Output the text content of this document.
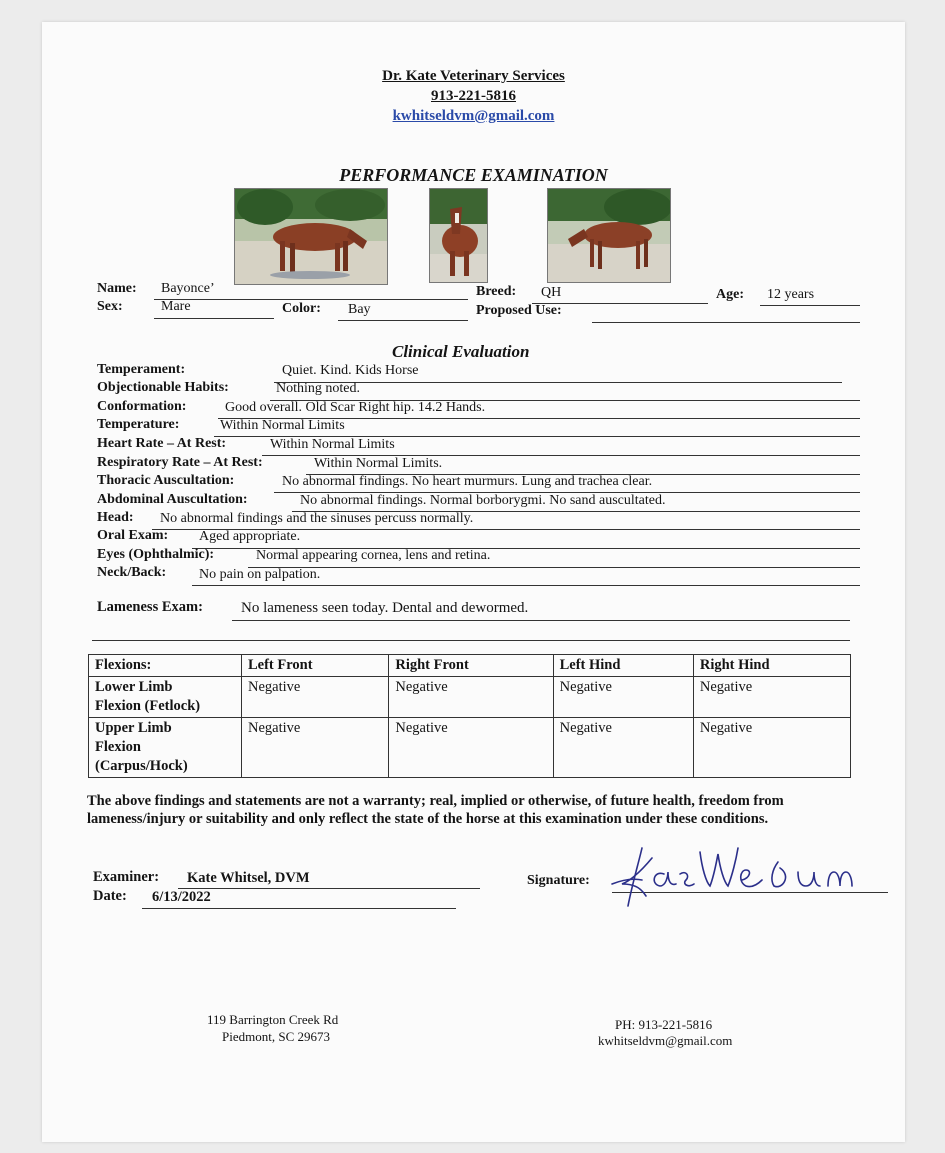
Dr. Kate Veterinary Services
913-221-5816
kwhitseldvm@gmail.com
PERFORMANCE EXAMINATION
Name: Bayonce’	Breed: QH	Age: 12 years
Sex:	Mare	Color: Bay	Proposed Use:
Clinical Evaluation
Temperament:	Quiet. Kind. Kids Horse
Objectionable Habits:	Nothing noted.
Conformation:	Good overall. Old Scar Right hip. 14.2 Hands.
Temperature:	Within Normal Limits
Heart Rate – At Rest:	Within Normal Limits
Respiratory Rate – At Rest:	Within Normal Limits.
Thoracic Auscultation:	No abnormal findings. No heart murmurs. Lung and trachea clear.
Abdominal Auscultation:	No abnormal findings. Normal borborygmi. No sand auscultated.
Head: No abnormal findings and the sinuses percuss normally.
Oral Exam: Aged appropriate.
Eyes (Ophthalmic):	Normal appearing cornea, lens and retina.
Neck/Back: No pain on palpation.
Lameness Exam:	No lameness seen today. Dental and dewormed.
Flexions:	Left Front	Right Front	Left Hind	Right Hind

Lower Limb
Flexion (Fetlock)	Negative	Negative	Negative	Negative

Upper Limb
Flexion
(Carpus/Hock)	Negative	Negative	Negative	Negative
The above findings and statements are not a warranty; real, implied or otherwise, of future health, freedom from lameness/injury or suitability and only reflect the state of the horse at this examination under these conditions.
Examiner: Kate Whitsel, DVM
Date: 6/13/2022
Signature:
119 Barrington Creek Rd
Piedmont, SC 29673
PH: 913-221-5816
kwhitseldvm@gmail.com
